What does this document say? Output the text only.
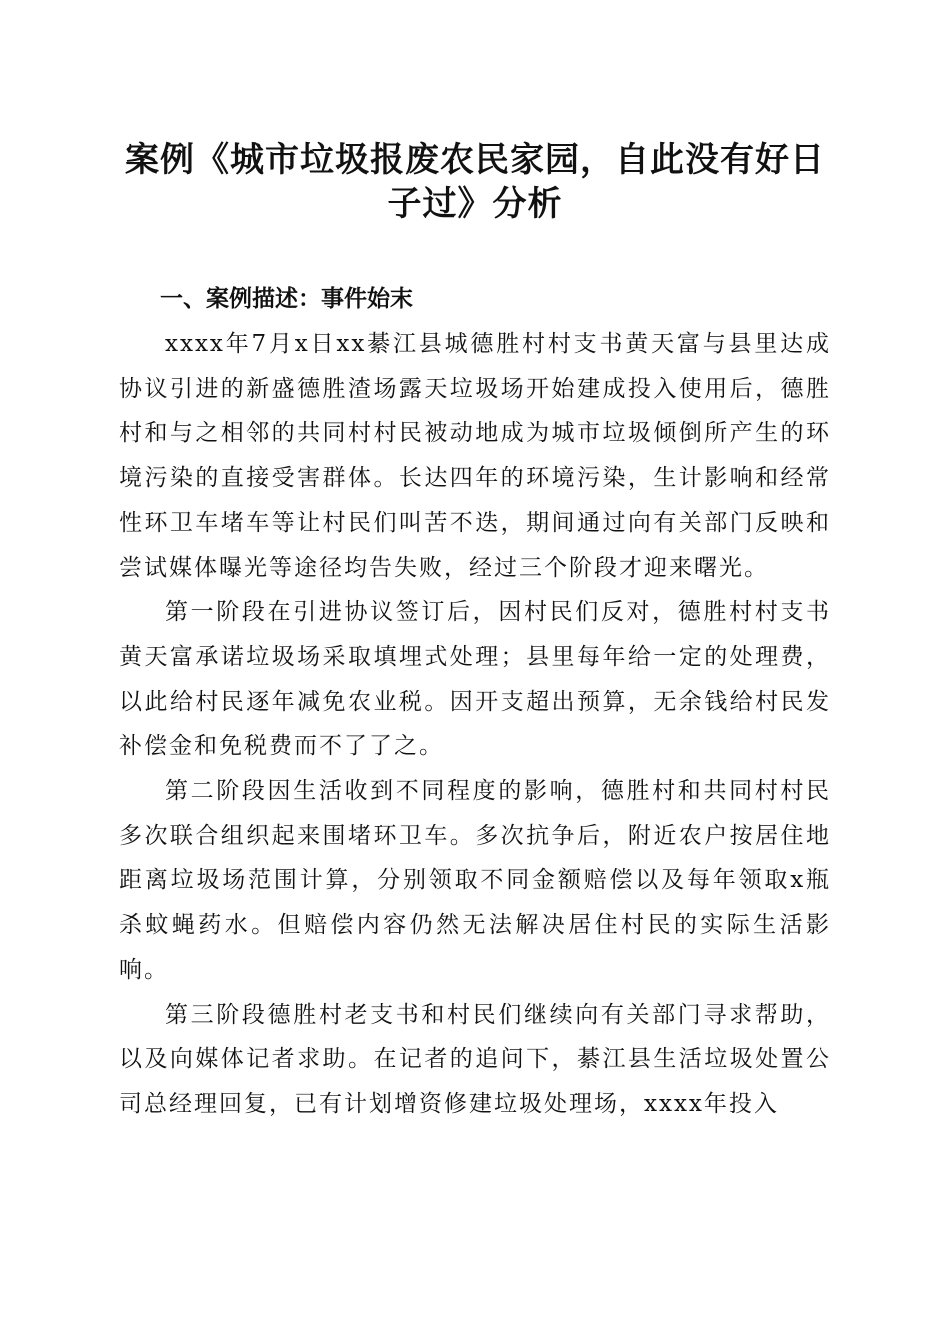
案例《城市垃圾报废农民家园，自此没有好日
子过》分析
一、案例描述：事件始末

xxxx年7月x日xx綦江县城德胜村村支书黄天富与县里达成协议引进的新盛德胜渣场露天垃圾场开始建成投入使用后，德胜村和与之相邻的共同村村民被动地成为城市垃圾倾倒所产生的环境污染的直接受害群体。长达四年的环境污染，生计影响和经常性环卫车堵车等让村民们叫苦不迭，期间通过向有关部门反映和尝试媒体曝光等途径均告失败，经过三个阶段才迎来曙光。

第一阶段在引进协议签订后，因村民们反对，德胜村村支书黄天富承诺垃圾场采取填埋式处理；县里每年给一定的处理费，以此给村民逐年减免农业税。因开支超出预算，无余钱给村民发补偿金和免税费而不了了之。

第二阶段因生活收到不同程度的影响，德胜村和共同村村民多次联合组织起来围堵环卫车。多次抗争后，附近农户按居住地距离垃圾场范围计算，分别领取不同金额赔偿以及每年领取x瓶杀蚊蝇药水。但赔偿内容仍然无法解决居住村民的实际生活影响。

第三阶段德胜村老支书和村民们继续向有关部门寻求帮助，以及向媒体记者求助。在记者的追问下，綦江县生活垃圾处置公司总经理回复，已有计划增资修建垃圾处理场，xxxx年投入
